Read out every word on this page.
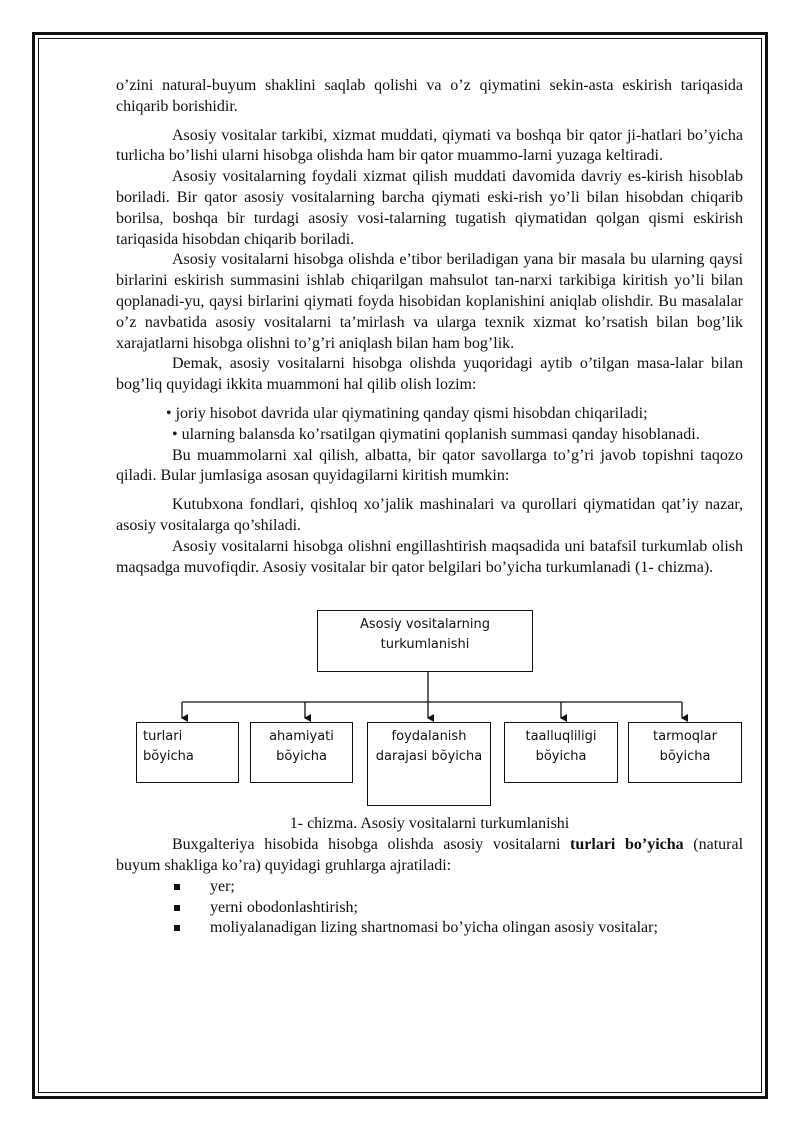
o’zini natural-buyum shaklini saqlab qolishi va o’z qiymatini sekin-asta eskirish tariqasida chiqarib borishidir.

Asosiy vositalar tarkibi, xizmat muddati, qiymati va boshqa bir qator ji-hatlari bo’yicha turlicha bo’lishi ularni hisobga olishda ham bir qator muammo-larni yuzaga keltiradi.

Asosiy vositalarning foydali xizmat qilish muddati davomida davriy es-kirish hisoblab boriladi. Bir qator asosiy vositalarning barcha qiymati eski-rish yo’li bilan hisobdan chiqarib borilsa, boshqa bir turdagi asosiy vosi-talarning tugatish qiymatidan qolgan qismi eskirish tariqasida hisobdan chiqarib boriladi.

Asosiy vositalarni hisobga olishda e’tibor beriladigan yana bir masala bu ularning qaysi birlarini eskirish summasini ishlab chiqarilgan mahsulot tan-narxi tarkibiga kiritish yo’li bilan qoplanadi-yu, qaysi birlarini qiymati foyda hisobidan koplanishini aniqlab olishdir. Bu masalalar o’z navbatida asosiy vositalarni ta’mirlash va ularga texnik xizmat ko’rsatish bilan bog’lik xarajatlarni hisobga olishni to’g’ri aniqlash bilan ham bog’lik.

Demak, asosiy vositalarni hisobga olishda yuqoridagi aytib o’tilgan masa-lalar bilan bog’liq quyidagi ikkita muammoni hal qilib olish lozim:

• joriy hisobot davrida ular qiymatining qanday qismi hisobdan chiqariladi;

• ularning balansda ko’rsatilgan qiymatini qoplanish summasi qanday hisoblanadi.

Bu muammolarni xal qilish, albatta, bir qator savollarga to’g’ri javob topishni taqozo qiladi. Bular jumlasiga asosan quyidagilarni kiritish mumkin:

Kutubxona fondlari, qishloq xo’jalik mashinalari va qurollari qiymatidan qat’iy nazar, asosiy vositalarga qo’shiladi.

Asosiy vositalarni hisobga olishni engillashtirish maqsadida uni batafsil turkumlab olish maqsadga muvofiqdir. Asosiy vositalar bir qator belgilari bo’yicha turkumlanadi (1- chizma).

Asosiy vositalarning turkumlanishi
turlari bŏyicha
ahamiyati bŏyicha
foydalanish darajasi bŏyicha
taalluqliligi bŏyicha
tarmoqlar bŏyicha

1- chizma. Asosiy vositalarni turkumlanishi

Buxgalteriya hisobida hisobga olishda asosiy vositalarni turlari bo’yicha (natural buyum shakliga ko’ra) quyidagi gruhlarga ajratiladi:

yer;
yerni obodonlashtirish;
moliyalanadigan lizing shartnomasi bo’yicha olingan asosiy vositalar;
